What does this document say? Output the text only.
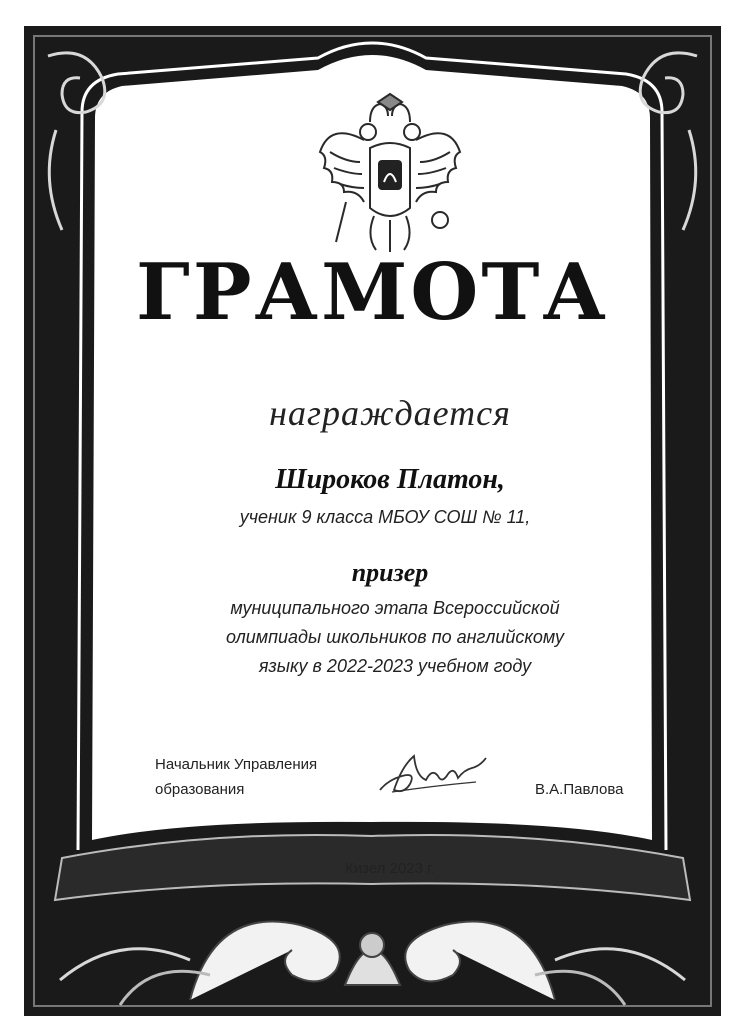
ГРАМОТА
награждается
Широков Платон,
ученик 9 класса МБОУ СОШ № 11,
призер
муниципального этапа Всероссийской
олимпиады школьников по английскому
языку в 2022-2023 учебном году
Начальник Управления
образования	В.А.Павлова
Кизел 2023 г.
